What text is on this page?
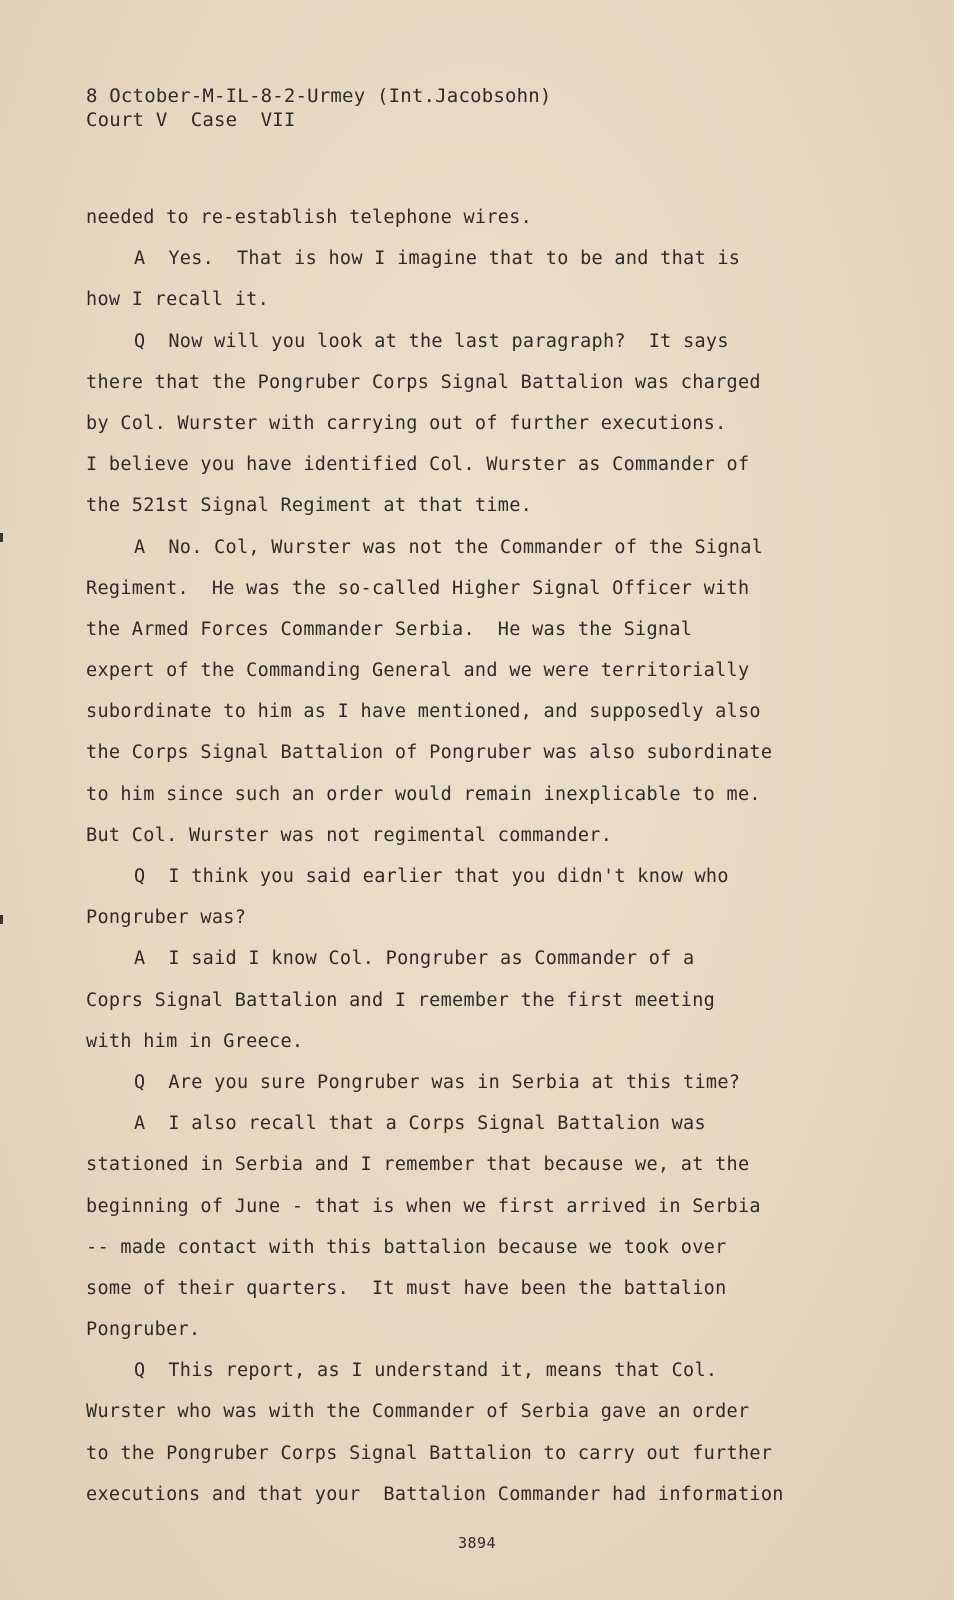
8 October-M-IL-8-2-Urmey (Int.Jacobsohn)
Court V  Case  VII
needed to re-establish telephone wires.
A  Yes.  That is how I imagine that to be and that is
how I recall it.
Q  Now will you look at the last paragraph?  It says
there that the Pongruber Corps Signal Battalion was charged
by Col. Wurster with carrying out of further executions.
I believe you have identified Col. Wurster as Commander of
the 521st Signal Regiment at that time.
A  No. Col, Wurster was not the Commander of the Signal
Regiment.  He was the so-called Higher Signal Officer with
the Armed Forces Commander Serbia.  He was the Signal
expert of the Commanding General and we were territorially
subordinate to him as I have mentioned, and supposedly also
the Corps Signal Battalion of Pongruber was also subordinate
to him since such an order would remain inexplicable to me.
But Col. Wurster was not regimental commander.
Q  I think you said earlier that you didn't know who
Pongruber was?
A  I said I know Col. Pongruber as Commander of a
Coprs Signal Battalion and I remember the first meeting
with him in Greece.
Q  Are you sure Pongruber was in Serbia at this time?
A  I also recall that a Corps Signal Battalion was
stationed in Serbia and I remember that because we, at the
beginning of June - that is when we first arrived in Serbia
-- made contact with this battalion because we took over
some of their quarters.  It must have been the battalion
Pongruber.
Q  This report, as I understand it, means that Col.
Wurster who was with the Commander of Serbia gave an order
to the Pongruber Corps Signal Battalion to carry out further
executions and that your  Battalion Commander had information
3894
